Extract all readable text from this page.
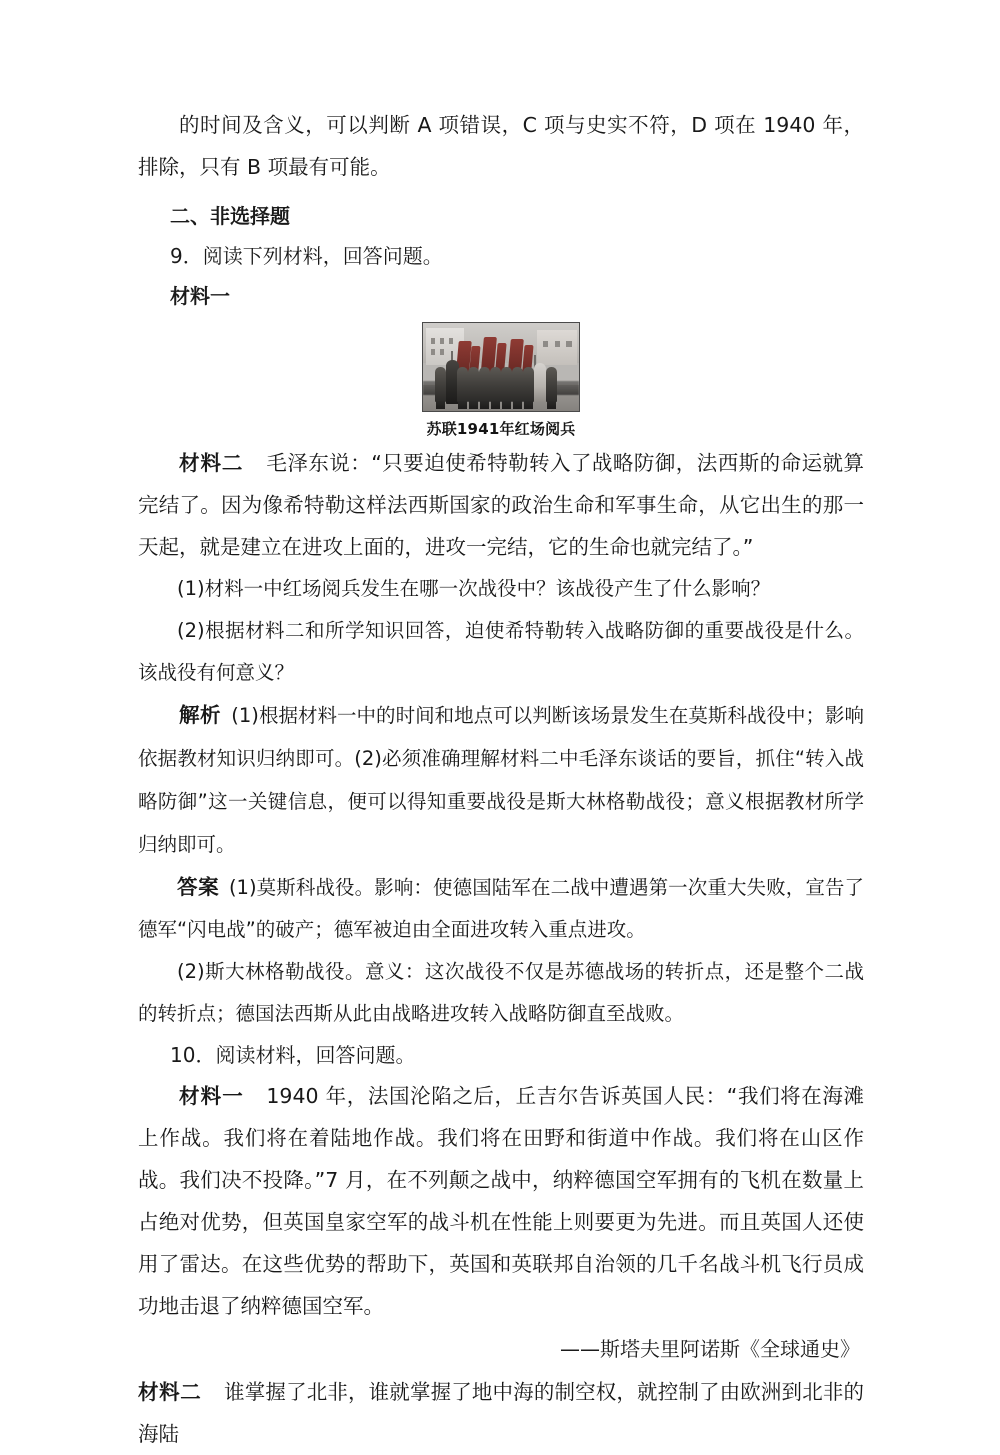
的时间及含义，可以判断 A 项错误，C 项与史实不符，D 项在 1940 年，排除，只有 B 项最有可能。

二、非选择题

9．阅读下列材料，回答问题。

材料一

苏联1941年红场阅兵

材料二 毛泽东说：“只要迫使希特勒转入了战略防御，法西斯的命运就算完结了。因为像希特勒这样法西斯国家的政治生命和军事生命，从它出生的那一天起，就是建立在进攻上面的，进攻一完结，它的生命也就完结了。”

(1)材料一中红场阅兵发生在哪一次战役中？该战役产生了什么影响？

(2)根据材料二和所学知识回答，迫使希特勒转入战略防御的重要战役是什么。该战役有何意义？

解析 (1)根据材料一中的时间和地点可以判断该场景发生在莫斯科战役中；影响依据教材知识归纳即可。(2)必须准确理解材料二中毛泽东谈话的要旨，抓住“转入战略防御”这一关键信息，便可以得知重要战役是斯大林格勒战役；意义根据教材所学归纳即可。

答案 (1)莫斯科战役。影响：使德国陆军在二战中遭遇第一次重大失败，宣告了德军“闪电战”的破产；德军被迫由全面进攻转入重点进攻。

(2)斯大林格勒战役。意义：这次战役不仅是苏德战场的转折点，还是整个二战的转折点；德国法西斯从此由战略进攻转入战略防御直至战败。

10．阅读材料，回答问题。

材料一 1940 年，法国沦陷之后，丘吉尔告诉英国人民：“我们将在海滩上作战。我们将在着陆地作战。我们将在田野和街道中作战。我们将在山区作战。我们决不投降。”7 月，在不列颠之战中，纳粹德国空军拥有的飞机在数量上占绝对优势，但英国皇家空军的战斗机在性能上则要更为先进。而且英国人还使用了雷达。在这些优势的帮助下，英国和英联邦自治领的几千名战斗机飞行员成功地击退了纳粹德国空军。

——斯塔夫里阿诺斯《全球通史》

材料二 谁掌握了北非，谁就掌握了地中海的制空权，就控制了由欧洲到北非的海陆
